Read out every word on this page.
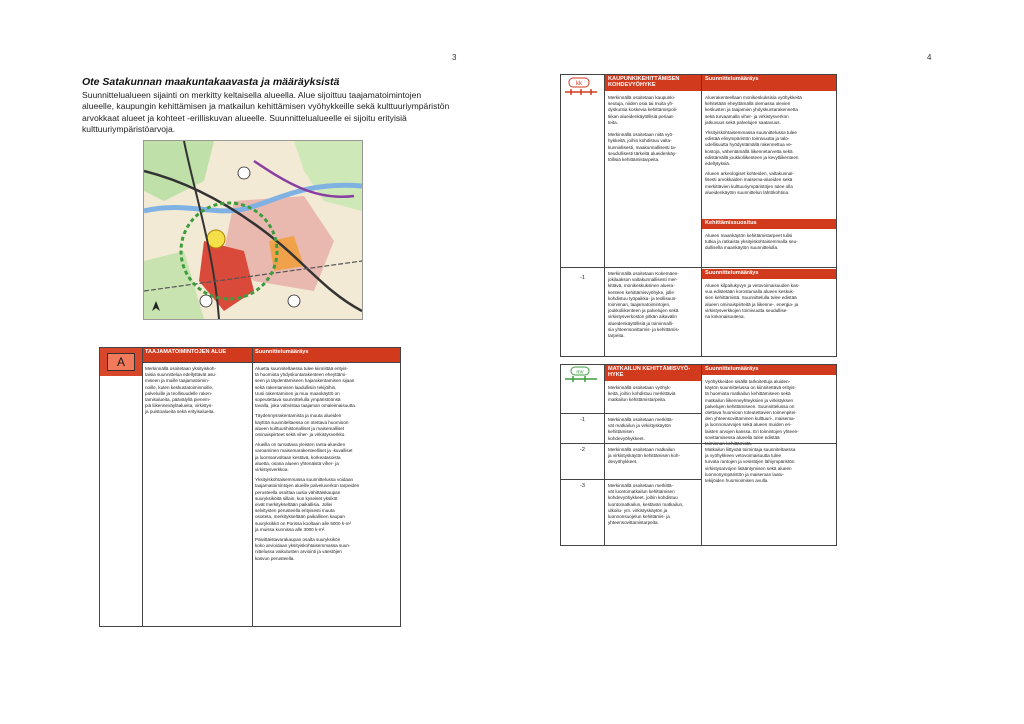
3	4
Ote Satakunnan maakuntakaavasta ja määräyksistä
Suunnittelualueen sijainti on merkitty keltaisella alueella. Alue sijoittuu taajamatoimintojen
alueelle, kaupungin kehittämisen ja matkailun kehittämisen vyöhykkeille sekä kulttuuriympäristön
arvokkaat alueet ja kohteet -erilliskuvan alueelle. Suunnittelualueelle ei sijoitu erityisiä
kulttuuriympäristöarvoja.
A
TAAJAMATOIMINTOJEN ALUE	Suunnittelumääräys
Merkinnällä osoitetaan yksityiskoh-
taisia suunnittelua edellyttävät asu-
miseen ja muille taajamatoimin-
noille, kuten keskustatoiminnoille,
palveluille ja teollisuudelle raken-
tamisalueita, päävälyliä pienem-
piä liikenneväyläalueita, virkistys-
ja puistoalueita sekä erityisalueita.
Aluetta suunniteltaessa tulee kiinnittää erityis-
tä huomiota yhdyskuntarakenteen eheyttämi-
seen ja täydentämiseen hajarakentamisen sijaan
sekä rakentamisen laadullisiin tekijöihin.
Uusi rakentaminen ja muu maankäyttö on
sopeutettava suunnittelulla ympäristöönsä
tavalla, joka vahvistaa taajaman omaleimaisuutta.
Täydennysrakentamista ja muuta alueiden
käyttöä suunniteltaessa on otettava huomioon
alueen kulttuurihistorialliset ja maisemalliset
ominaispiirteet sekä viher- ja virkistysverkko.
Alueilla on turvattava yleisten ranta-alueiden
varoaminen maisemarakenteelliset ja -kuvalliset
ja luontoarvoltaan kestävä, korkeatasoista
aluetta, osana alueen yhtenäistä viher- ja
virkistysverkkoa.
Yksityiskohtaisemmassa suunnittelussa voidaan
taajamatoimintojen alueille palveluverkon tarpeiden
perusteella osoittaa uusia vähittäiskaupan
suuryksiköitä sillain, kun kyseiset yksiköt
eivät merkitykseltään paikallisia. Jollei
selvitysten perusteella erityisesti muuta
osoiteta, merkitykseltään paikallinen kaupan
suuryksikkö on Porissa kooltaan alle 5000 k-m²
ja muissa kunnissa alle 3000 k-m².
Päivittäistavarakaupan osalta suuryksikön
koko arvioidaan yksityiskohtaisemmassa suun-
nittelussa vaikutusten arviointi ja väestöjen
kasvun perusteella.
kk
-1
KAUPUNKIKEHITTÄMISEN KOHDEVYÖHYKE
Suunnittelumääräys
Merkinnällä osoitetaan kaupunki-
seutuja, niiden osia tai muita yh-
dyskuntia koskevia kehittämispoli-
tiikan alueidenkäytöllisiä periaat-
teita.

Merkinnällä osoitetaan niitä vyö-
hykkeitä, joihin kohdistuu valta-
kunnallisesti, maakunnallisesti ta-
seudullisesti tärkeitä alueidenkäy-
töllisiä kehittämistarpeita.
Aluerakenteellaan monikeskuksisia vyöhykkeitä
kehitetään eheyttämällä olemassa olevien
keskusten ja taajamien yhdyskuntarakennetta
sekä turvaamalla viher- ja virkistysverkon
jatkuvuus sekä palvelujen saatavuus.
Yksityiskohtaisemmassa suunnittelussa tulee
edistää elinympäristön toimivuutta ja talo-
udellisuutta hyödyntämällä rakennettua ve-
kostoja, vähentämällä liikennetarvetta sekä
edistämällä joukkoliikenteen ja kevytliikenteen
edellytyksiä.
Alueen arkeologiset kohteiden, valtakunnal-
lisesti arvokkaiden maisema-alueiden sekä
merkittävien kulttuuriympäristöjen tulee olla
alueidenkäytön suunnittelun lähtökohtina.
Kehittämissuositus
Alueen maankäytön kehittämistarpeet tulisi
tutkia ja ratkaista yksityiskohtaisemmalla seu-
dullisella maankäytön suunnittelulla.
Merkinnällä osoitetaan Kokemäen-
jokilaakson valtakunnallisesti mer-
kittävä, monikeskuksinen aluera-
kenteen kehittämisvyöhyke, jolle
kohdistuu työpaikka- ja teollisuus-
toiminnan, taajamatoimintojen,
joukkoliikenteen ja palvelujen sekä
virkistysverkoston pitkän aikavälin
alueidenkäytöllisiä ja toiminnalli-
sia yhteensovittamis- ja kehittämis-
tarpeita.
Suunnittelumääräys
Alueen kilpailukyvyn ja vetovoimaisuuden kas-
vua edistetään korostamalla alueen keskuk-
sien kehittämistä. Suunnittelulla tulee edistää
alueen ominaispiirteitä ja liikenne-, energia- ja
virkistysverkkojen toimivuutta seudullise-
na kokonaisuutena.
mv
-1
-2
-3
MATKAILUN KEHITTÄMISVYÖ-
HYKE
Suunnittelumääräys
Merkinnällä osoitetaan vyöhyk-
keitä, joihin kohdistuu merkittäviä
matkailun kehittämistarpeita.
Vyöhykkeiden sisällä tarkoitettuja aluiden-
käytön suunnittelussa on kiinnitettävä erityis-
tä huomiota matkailun kehittämiseen sekä
matkailun liikenneyhteyksien ja virkistyksen
palvelujen kehittämiseen. Suunnittelussa on
otettava huomioon toteutettavien toimenpitei-
den yhteensovittaminen kulttuuri-, maisema-
ja luonnonarvojen sekä alueen muiden eri-
laisten arvojen kanssa. Eri toimintojen yhteen-
sovittamisessa alueella tulee edistää

Merkinnällä osoitetaan merkittä-
vät matkailun ja virkistyskäytön kehittämisen
kohdevyöhykkeet.
Matkailun liittyvää toimintaja suunniteltaessa
ja vyöhykkeen vetovoimaisuutta tulee
turvata rantojen ja vesistöjen lähiympäristön
virkistysarvojen lisääntymisen sekä alueen
luonnonympäristön ja maiseman laatu-
tekijöiden huomioimisen avulla.
Merkinnällä osoitetaan matkailun
ja virkistyskäytön kehittämisen koh-
devyöhykkeet.
Merkinnällä osoitetaan merkittä-
vät luontomatkailun kehittämisen
kohdevyöhykkeet, joihin kohdistuu
luontomatkailun, kestävän matkailun,
ulkoilu- ym. virkistyskäytön ja
luonnonsuojelun kehittämis- ja
yhteensovittamistarpeita.
